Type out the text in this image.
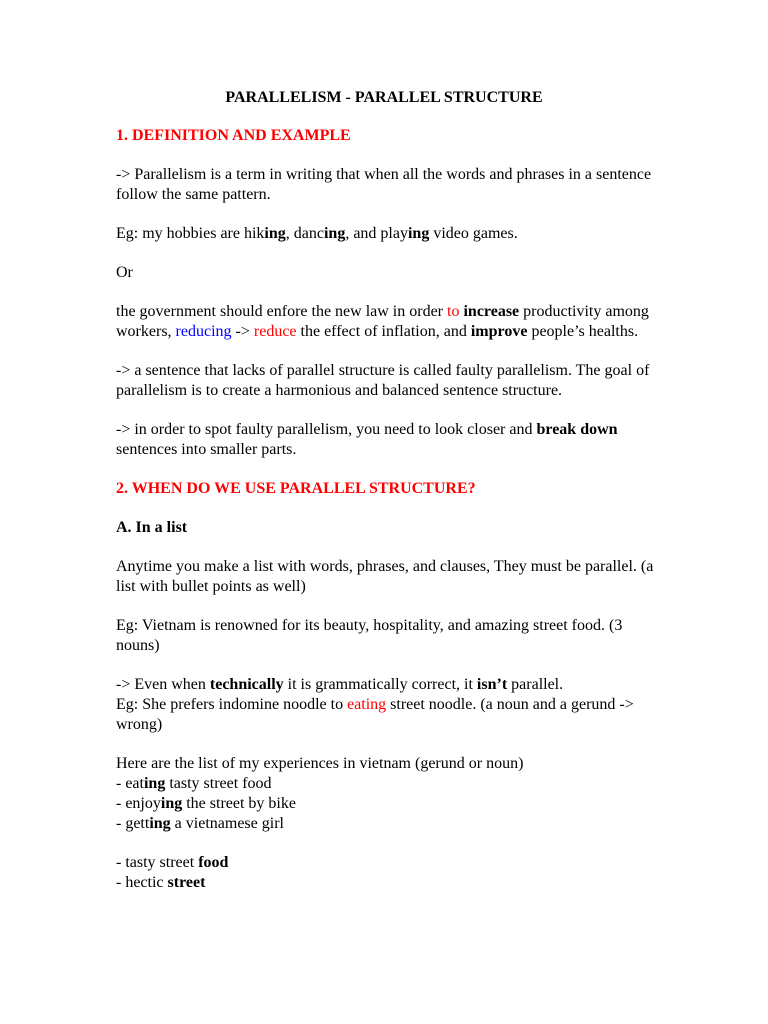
PARALLELISM - PARALLEL STRUCTURE
1. DEFINITION AND EXAMPLE

-> Parallelism is a term in writing that when all the words and phrases in a sentence follow the same pattern.

Eg: my hobbies are hiking, dancing, and playing video games.

Or

the government should enfore the new law in order to increase productivity among workers, reducing -> reduce the effect of inflation, and improve people’s healths.

-> a sentence that lacks of parallel structure is called faulty parallelism. The goal of parallelism is to create a harmonious and balanced sentence structure.

-> in order to spot faulty parallelism, you need to look closer and break down sentences into smaller parts.

2. WHEN DO WE USE PARALLEL STRUCTURE?
A. In a list

Anytime you make a list with words, phrases, and clauses, They must be parallel. (a list with bullet points as well)

Eg: Vietnam is renowned for its beauty, hospitality, and amazing street food. (3 nouns)

-> Even when technically it is grammatically correct, it isn’t parallel.
Eg: She prefers indomine noodle to eating street noodle. (a noun and a gerund -> wrong)

Here are the list of my experiences in vietnam (gerund or noun)
- eating tasty street food
- enjoying the street by bike
- getting a vietnamese girl

- tasty street food
- hectic street
